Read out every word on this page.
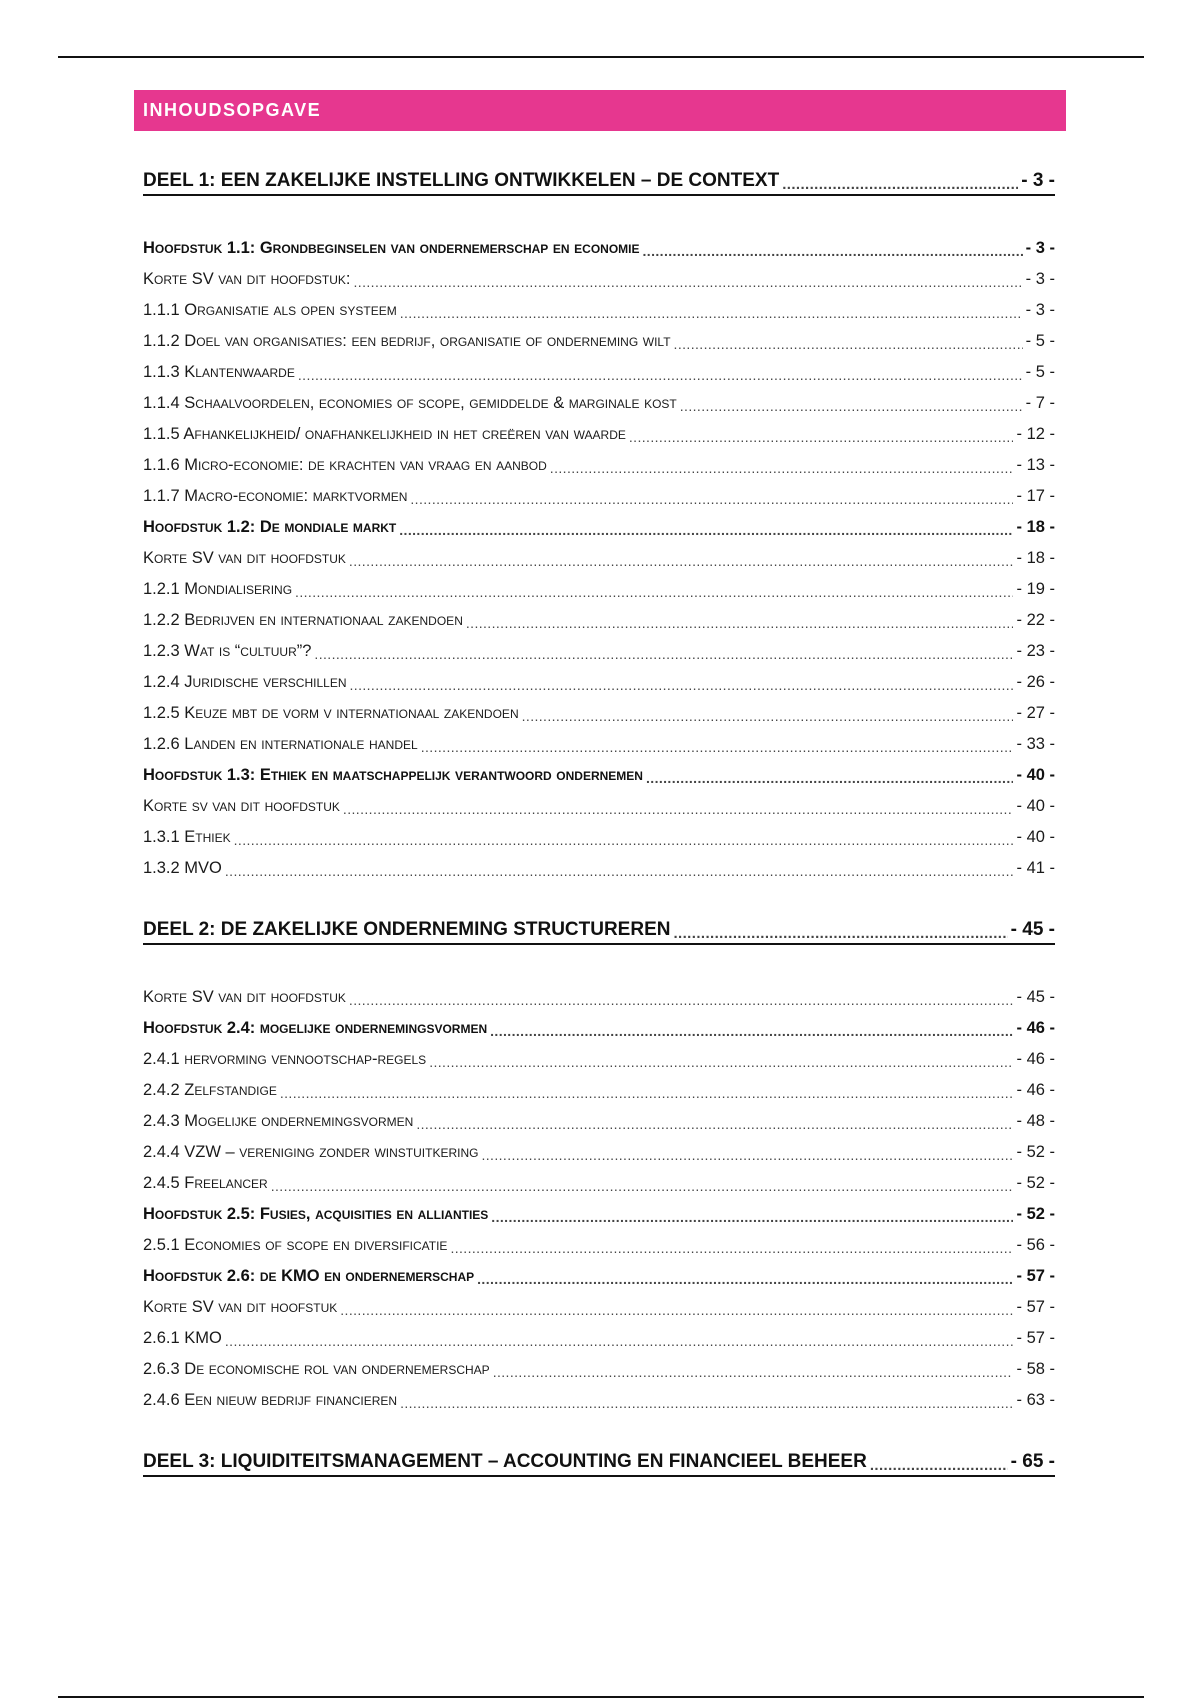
INHOUDSOPGAVE
DEEL 1: EEN ZAKELIJKE INSTELLING ONTWIKKELEN – DE CONTEXT .....	- 3 -
Hoofdstuk 1.1: Grondbeginselen van ondernemerschap en economie .....	- 3 -
Korte SV van dit hoofdstuk: .....	- 3 -
1.1.1 Organisatie als open systeem .....	- 3 -
1.1.2 Doel van organisaties: een bedrijf, organisatie of onderneming wilt .....	- 5 -
1.1.3 Klantenwaarde .....	- 5 -
1.1.4 Schaalvoordelen, economies of scope, gemiddelde & marginale kost .....	- 7 -
1.1.5 Afhankelijkheid/ onafhankelijkheid in het creëren van waarde .....	- 12 -
1.1.6 Micro-economie: de krachten van vraag en aanbod .....	- 13 -
1.1.7 Macro-economie: marktvormen .....	- 17 -
Hoofdstuk 1.2: De mondiale markt .....	- 18 -
Korte SV van dit hoofdstuk .....	- 18 -
1.2.1 Mondialisering .....	- 19 -
1.2.2 Bedrijven en internationaal zakendoen .....	- 22 -
1.2.3 Wat is “cultuur”? .....	- 23 -
1.2.4 Juridische verschillen .....	- 26 -
1.2.5 Keuze mbt de vorm v internationaal zakendoen .....	- 27 -
1.2.6 Landen en internationale handel .....	- 33 -
Hoofdstuk 1.3: Ethiek en maatschappelijk verantwoord ondernemen .....	- 40 -
Korte sv van dit hoofdstuk .....	- 40 -
1.3.1 Ethiek .....	- 40 -
1.3.2 MVO .....	- 41 -
DEEL 2: DE ZAKELIJKE ONDERNEMING STRUCTUREREN .....	- 45 -
Korte SV van dit hoofdstuk .....	- 45 -
Hoofdstuk 2.4: mogelijke ondernemingsvormen .....	- 46 -
2.4.1 hervorming vennootschap-regels .....	- 46 -
2.4.2 Zelfstandige .....	- 46 -
2.4.3 Mogelijke ondernemingsvormen .....	- 48 -
2.4.4 VZW – vereniging zonder winstuitkering .....	- 52 -
2.4.5 Freelancer .....	- 52 -
Hoofdstuk 2.5: Fusies, acquisities en allianties .....	- 52 -
2.5.1 Economies of scope en diversificatie .....	- 56 -
Hoofdstuk 2.6: de KMO en ondernemerschap .....	- 57 -
Korte SV van dit hoofstuk .....	- 57 -
2.6.1 KMO .....	- 57 -
2.6.3 De economische rol van ondernemerschap .....	- 58 -
2.4.6 Een nieuw bedrijf financieren .....	- 63 -
DEEL 3: LIQUIDITEITSMANAGEMENT – ACCOUNTING EN FINANCIEEL BEHEER .....	- 65 -
